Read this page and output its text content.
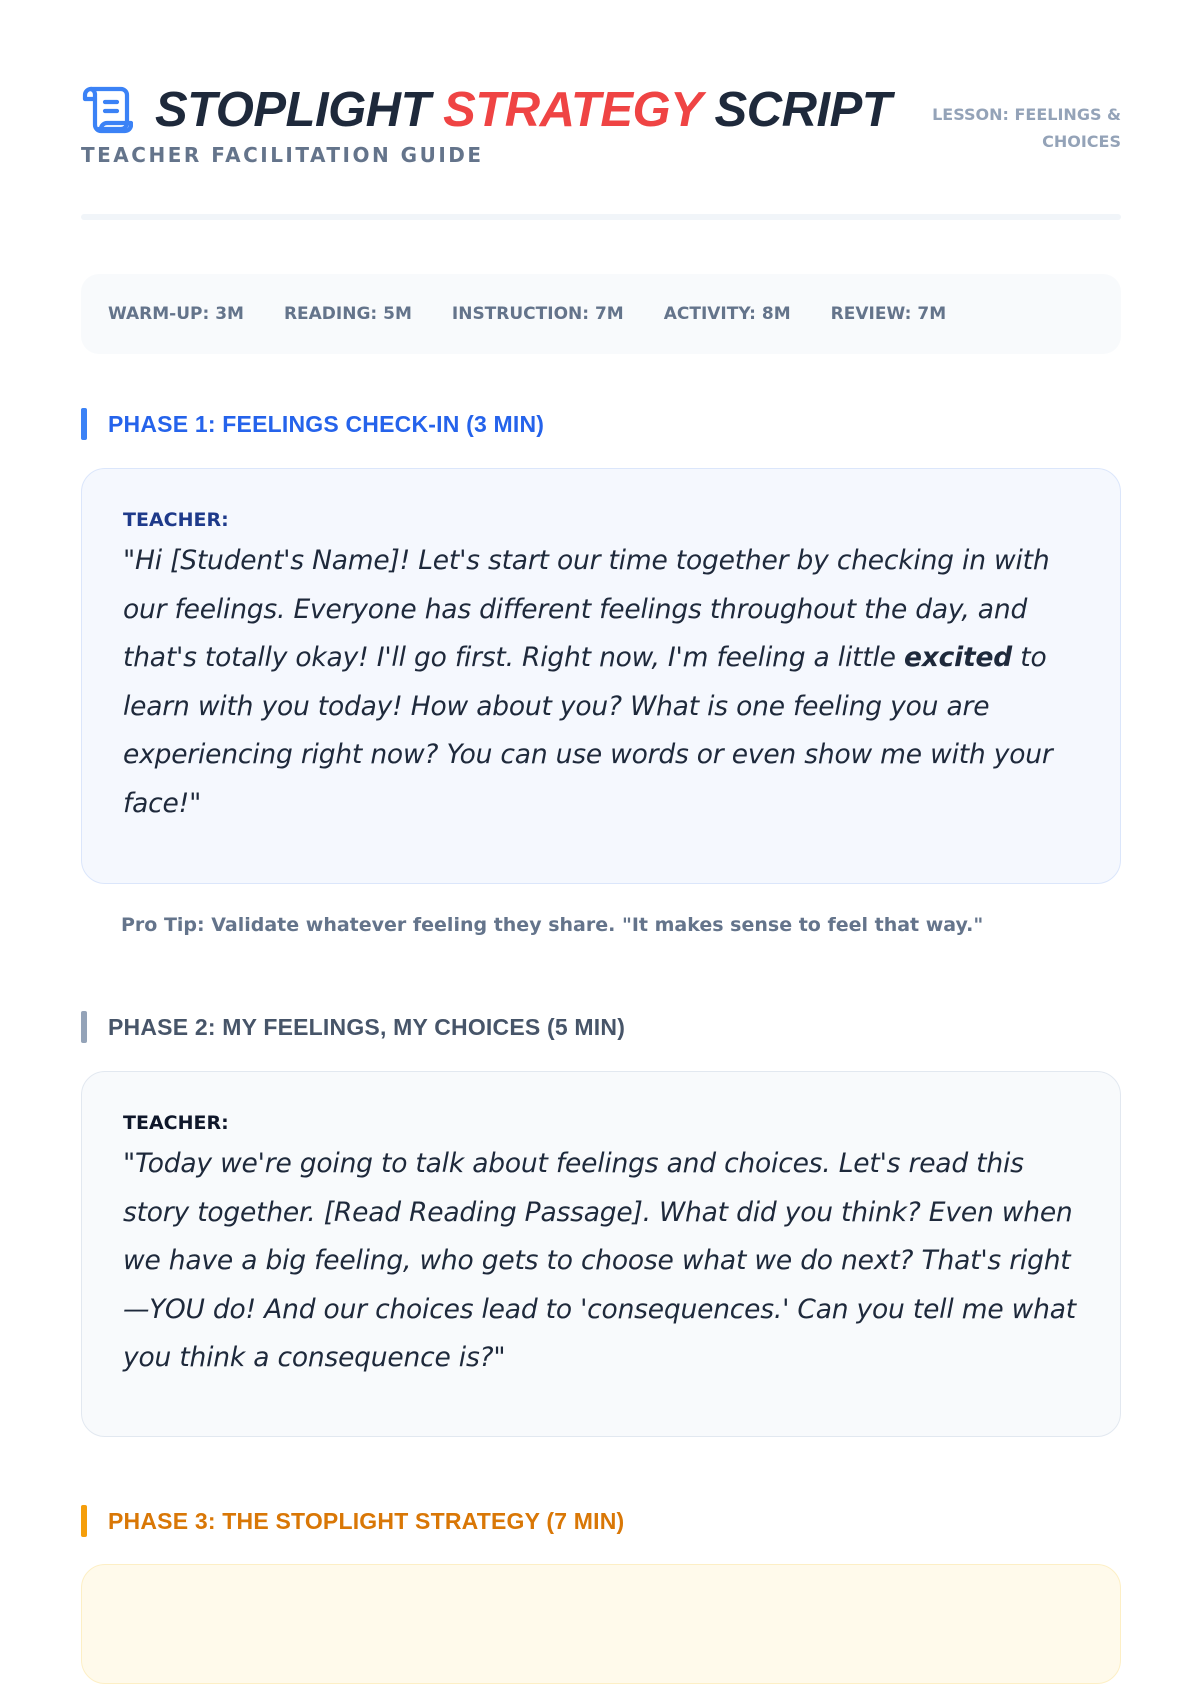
STOPLIGHT STRATEGY SCRIPT
TEACHER FACILITATION GUIDE
LESSON: FEELINGS & CHOICES
WARM-UP: 3M READING: 5M INSTRUCTION: 7M ACTIVITY: 8M REVIEW: 7M
PHASE 1: FEELINGS CHECK-IN (3 MIN)
TEACHER:
"Hi [Student's Name]! Let's start our time together by checking in with our feelings. Everyone has different feelings throughout the day, and that's totally okay! I'll go first. Right now, I'm feeling a little excited to learn with you today! How about you? What is one feeling you are experiencing right now? You can use words or even show me with your face!"
Pro Tip: Validate whatever feeling they share. "It makes sense to feel that way."
PHASE 2: MY FEELINGS, MY CHOICES (5 MIN)
TEACHER:
"Today we're going to talk about feelings and choices. Let's read this story together. [Read Reading Passage]. What did you think? Even when we have a big feeling, who gets to choose what we do next? That's right—YOU do! And our choices lead to 'consequences.' Can you tell me what you think a consequence is?"
PHASE 3: THE STOPLIGHT STRATEGY (7 MIN)
